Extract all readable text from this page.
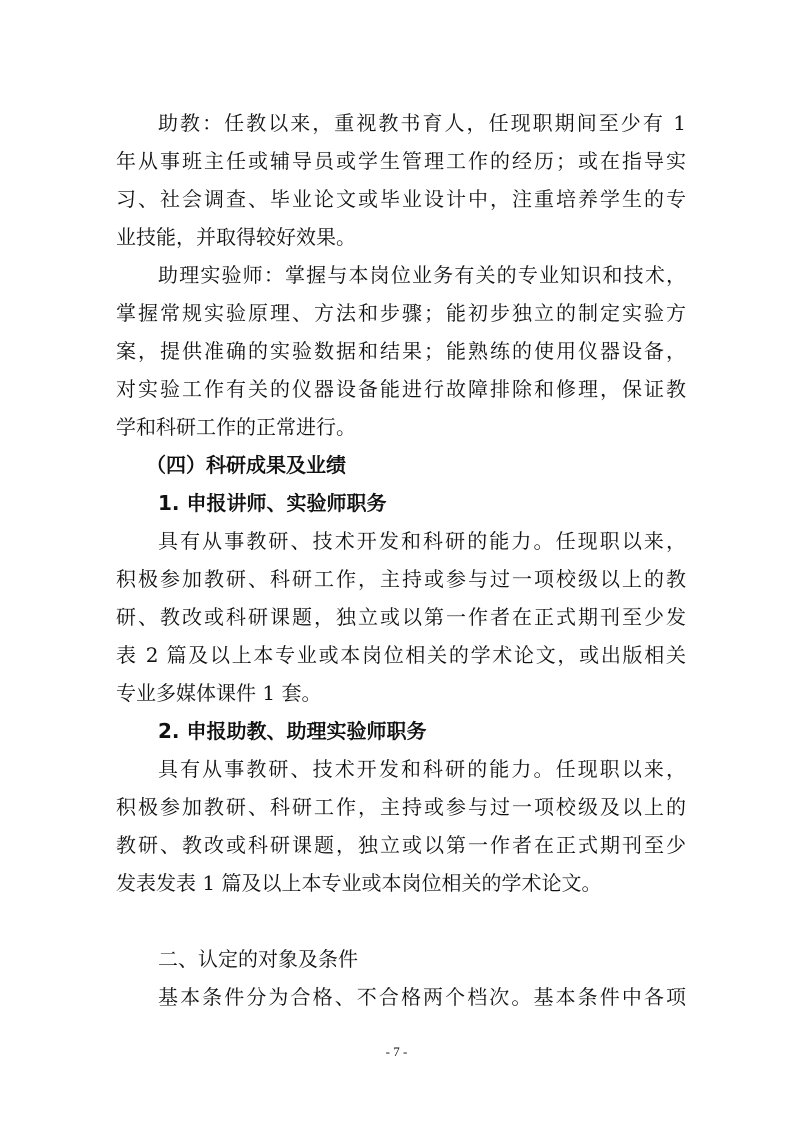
助教：任教以来，重视教书育人，任现职期间至少有 1
年从事班主任或辅导员或学生管理工作的经历；或在指导实
习、社会调查、毕业论文或毕业设计中，注重培养学生的专
业技能，并取得较好效果。
助理实验师：掌握与本岗位业务有关的专业知识和技术，
掌握常规实验原理、方法和步骤；能初步独立的制定实验方
案，提供准确的实验数据和结果；能熟练的使用仪器设备，
对实验工作有关的仪器设备能进行故障排除和修理，保证教
学和科研工作的正常进行。
（四）科研成果及业绩
1. 申报讲师、实验师职务
具有从事教研、技术开发和科研的能力。任现职以来，
积极参加教研、科研工作，主持或参与过一项校级以上的教
研、教改或科研课题，独立或以第一作者在正式期刊至少发
表 2 篇及以上本专业或本岗位相关的学术论文，或出版相关
专业多媒体课件 1 套。
2. 申报助教、助理实验师职务
具有从事教研、技术开发和科研的能力。任现职以来，
积极参加教研、科研工作，主持或参与过一项校级及以上的
教研、教改或科研课题，独立或以第一作者在正式期刊至少
发表发表 1 篇及以上本专业或本岗位相关的学术论文。
二、认定的对象及条件
基本条件分为合格、不合格两个档次。基本条件中各项
- 7 -
